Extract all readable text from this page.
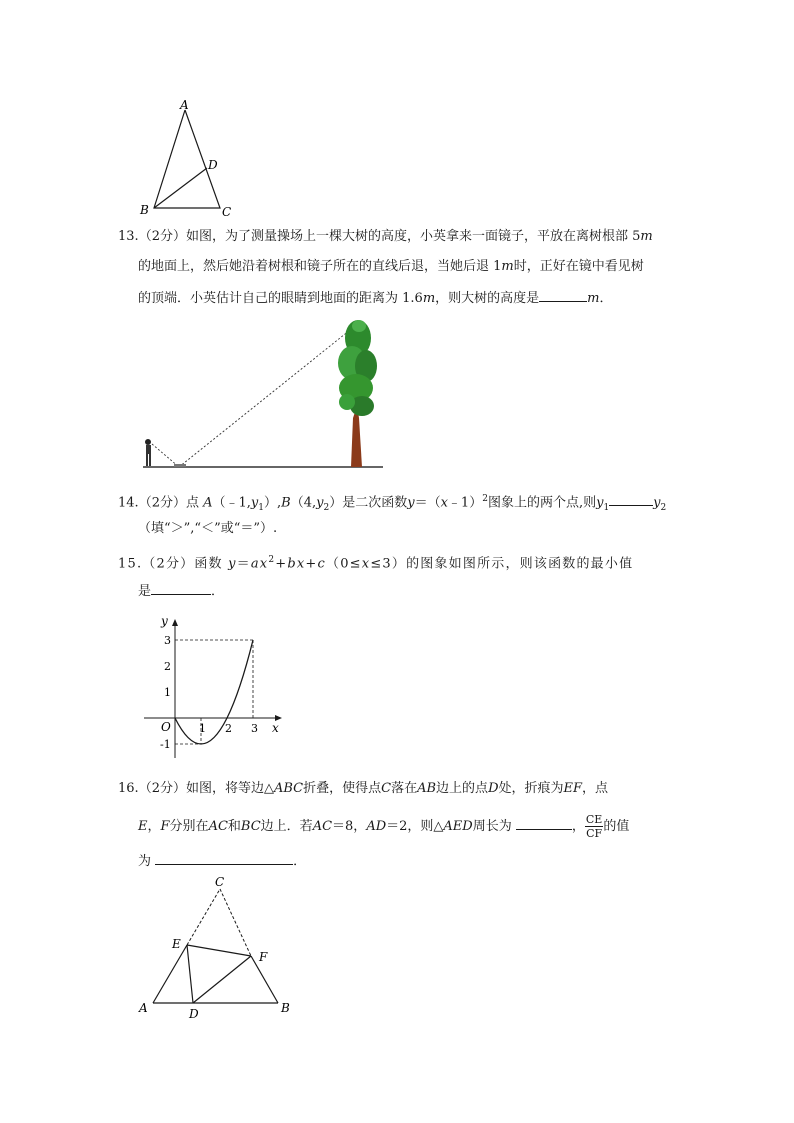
A
D
B	C
13.（2分）如图，为了测量操场上一棵大树的高度，小英拿来一面镜子，平放在离树根部 5m
的地面上，然后她沿着树根和镜子所在的直线后退，当她后退 1m时，正好在镜中看见树
的顶端．小英估计自己的眼睛到地面的距离为 1.6m，则大树的高度是	m．
14.（2分）点 $A(﹣1,y_1),B(4,y_2)$是二次函数y＝（x﹣1）$^2$图象上的两个点,则$y_1$	$y_2$
（填“＞”,“＜”或“＝”）.
15.（2分）函数 $y=ax^2+bx+c(0\le x\le 3)$的图象如图所示，则该函数的最小值
是	．
y
x
O	1 2 3
3
2
1
-1
16.（2分）如图，将等边△ABC折叠，使得点C落在AB边上的点D处，折痕为EF，点
E，F分别在AC和BC边上．若AC＝8，AD＝2，则△AED周长为	， $\frac{CE}{CF}$ 的值
为	．
C
E
F
A	D	B
